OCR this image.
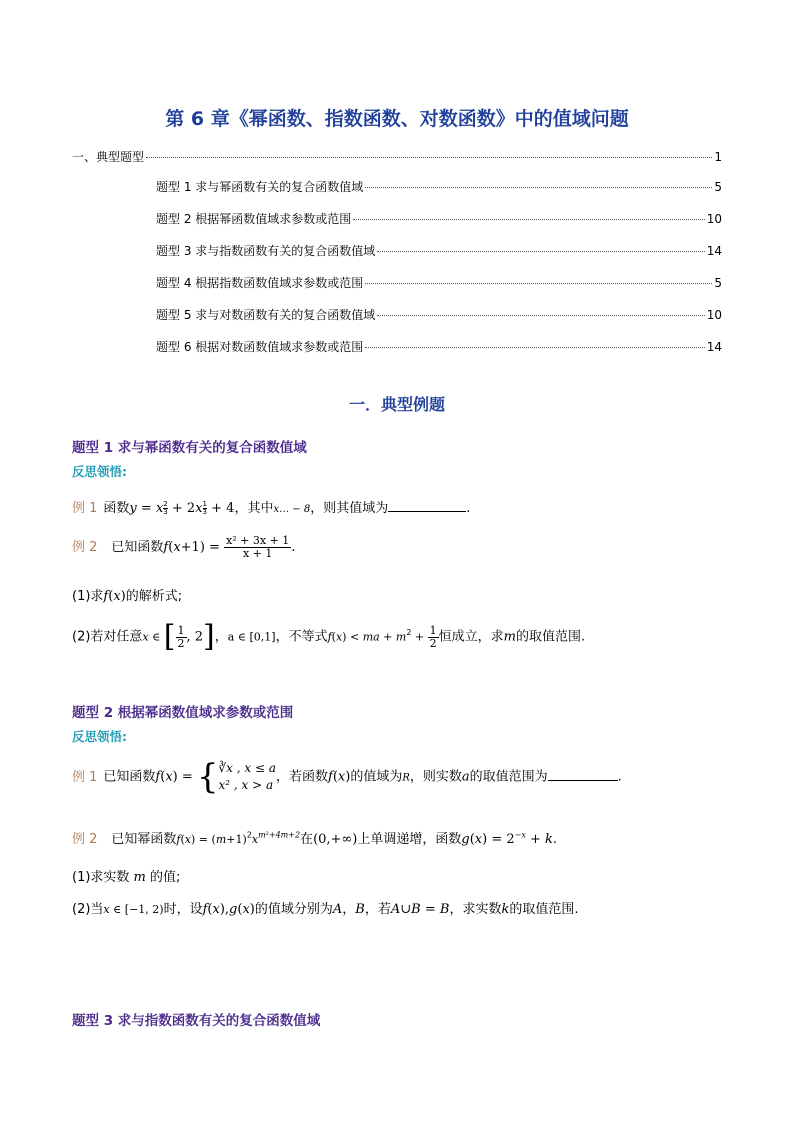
第 6 章《幂函数、指数函数、对数函数》中的值域问题
一、典型题型	1
题型 1 求与幂函数有关的复合函数值域	5
题型 2 根据幂函数值域求参数或范围	10
题型 3 求与指数函数有关的复合函数值域	14
题型 4 根据指数函数值域求参数或范围	5
题型 5 求与对数函数有关的复合函数值域	10
题型 6 根据对数函数值域求参数或范围	14
一．典型例题
题型 1 求与幂函数有关的复合函数值域
反思领悟:
例 1 函数y = x $\frac{2}{3} + 2x \frac{1}{3} + 4$，其中x… − 8，则其值域为	.
例 2 已知函数$f(x+1) = \frac{\text{x² + 3x + 1}}{x + 1}$ .
(1)求f(x)的解析式;
(2)若对任意x ∈ [ $\frac{1}{2}$ , 2]，a ∈ [0,1]，不等式f(x) < ma + $m^2 + \frac{1}{2}$ 恒成立，求m的取值范围.
题型 2 根据幂函数值域求参数或范围
反思领悟:
例 1 已知函数f(x) = { ∛x , x ≤ a
x² , x > a
，若函数f(x)的值域为R，则实数a的取值范围为	.
例 2 已知幂函数$f(x) = (m+1)^2x^{m^2+4m+2}$在(0,+∞)上单调递增，函数$g(x) = 2^{-x} + k$.
(1)求实数 m 的值;
(2)当x ∈ [−1, 2)时，设f(x),g(x)的值域分别为A，B，若A∪B = B，求实数k的取值范围.
题型 3 求与指数函数有关的复合函数值域
